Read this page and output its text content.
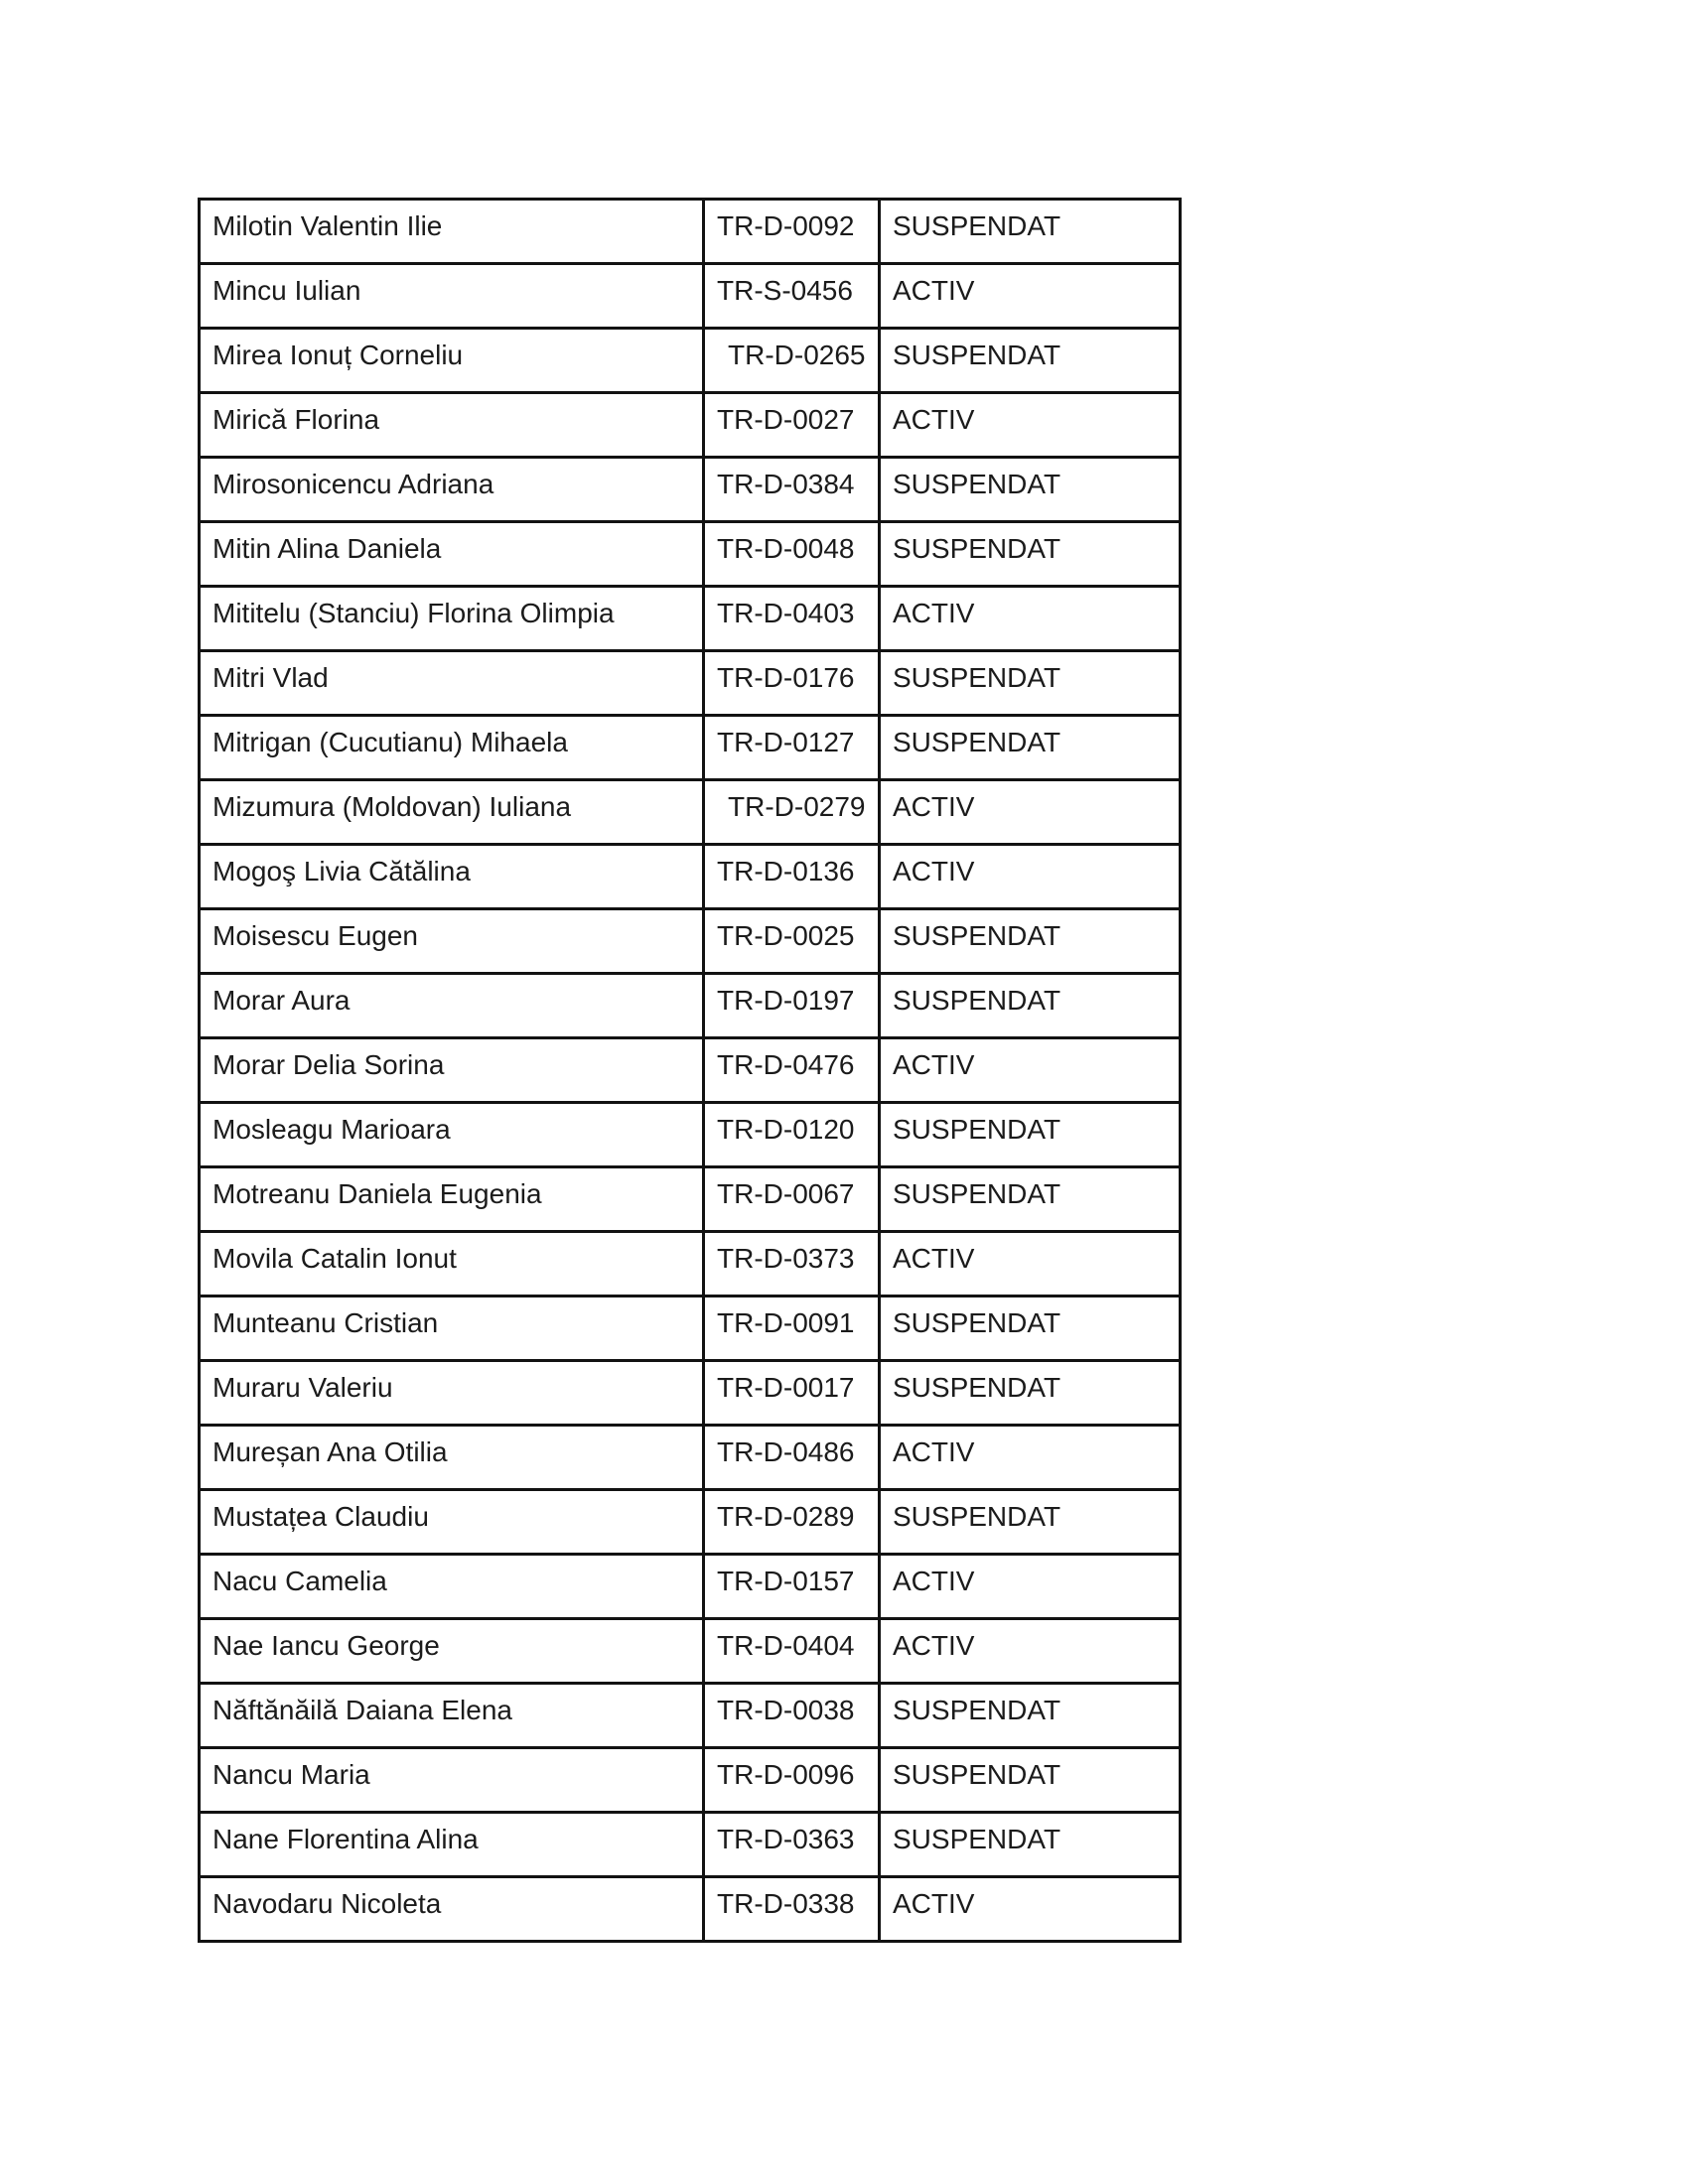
Milotin Valentin Ilie	TR-D-0092	SUSPENDAT
Mincu Iulian	TR-S-0456	ACTIV
Mirea Ionuț Corneliu	TR-D-0265	SUSPENDAT
Mirică Florina	TR-D-0027	ACTIV
Mirosonicencu Adriana	TR-D-0384	SUSPENDAT
Mitin Alina Daniela	TR-D-0048	SUSPENDAT
Mititelu (Stanciu) Florina Olimpia	TR-D-0403	ACTIV
Mitri Vlad	TR-D-0176	SUSPENDAT
Mitrigan (Cucutianu) Mihaela	TR-D-0127	SUSPENDAT
Mizumura (Moldovan) Iuliana	TR-D-0279	ACTIV
Mogoş Livia Cătălina	TR-D-0136	ACTIV
Moisescu Eugen	TR-D-0025	SUSPENDAT
Morar Aura	TR-D-0197	SUSPENDAT
Morar Delia Sorina	TR-D-0476	ACTIV
Mosleagu Marioara	TR-D-0120	SUSPENDAT
Motreanu Daniela Eugenia	TR-D-0067	SUSPENDAT
Movila Catalin Ionut	TR-D-0373	ACTIV
Munteanu Cristian	TR-D-0091	SUSPENDAT
Muraru Valeriu	TR-D-0017	SUSPENDAT
Mureșan Ana Otilia	TR-D-0486	ACTIV
Mustațea Claudiu	TR-D-0289	SUSPENDAT
Nacu Camelia	TR-D-0157	ACTIV
Nae Iancu George	TR-D-0404	ACTIV
Năftănăilă Daiana Elena	TR-D-0038	SUSPENDAT
Nancu Maria	TR-D-0096	SUSPENDAT
Nane Florentina Alina	TR-D-0363	SUSPENDAT
Navodaru Nicoleta	TR-D-0338	ACTIV
